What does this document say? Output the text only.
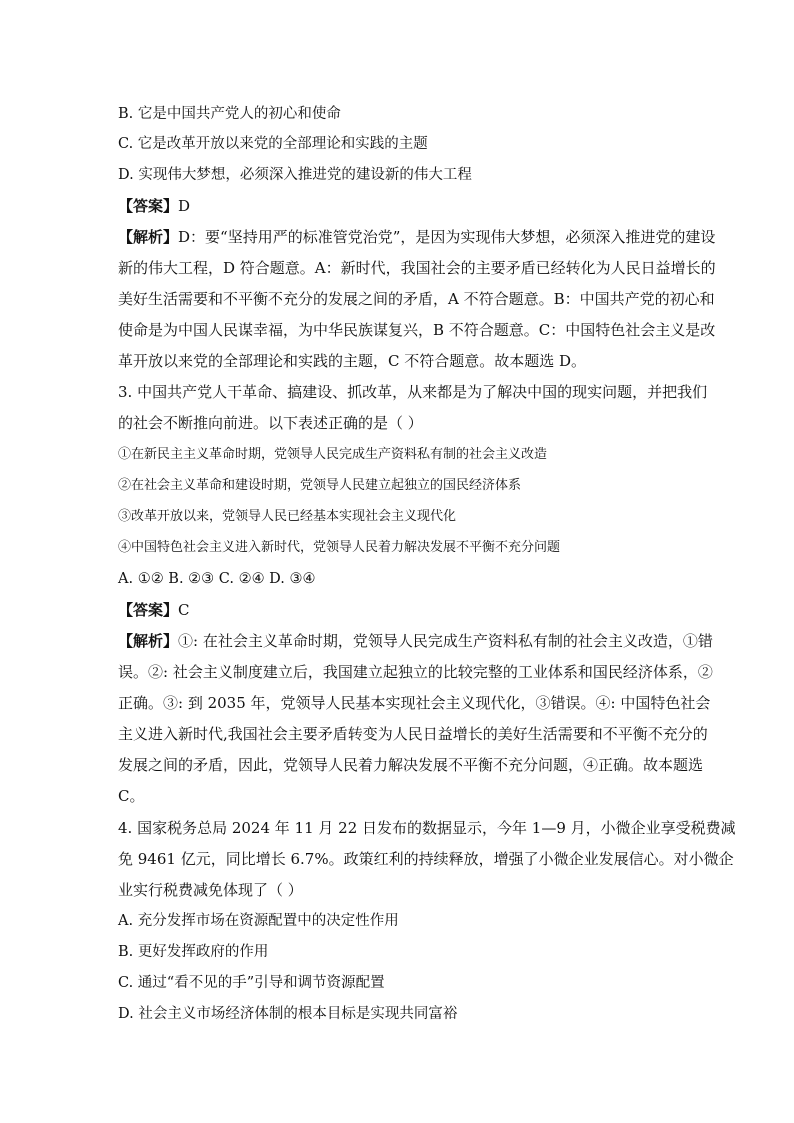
B. 它是中国共产党人的初心和使命
C. 它是改革开放以来党的全部理论和实践的主题
D. 实现伟大梦想，必须深入推进党的建设新的伟大工程
【答案】D
【解析】D：要“坚持用严的标准管党治党”，是因为实现伟大梦想，必须深入推进党的建设
新的伟大工程，D 符合题意。A：新时代，我国社会的主要矛盾已经转化为人民日益增长的
美好生活需要和不平衡不充分的发展之间的矛盾，A 不符合题意。B：中国共产党的初心和
使命是为中国人民谋幸福，为中华民族谋复兴，B 不符合题意。C：中国特色社会主义是改
革开放以来党的全部理论和实践的主题，C 不符合题意。故本题选 D。
3. 中国共产党人干革命、搞建设、抓改革，从来都是为了解决中国的现实问题，并把我们
的社会不断推向前进。以下表述正确的是（ ）
①在新民主主义革命时期，党领导人民完成生产资料私有制的社会主义改造
②在社会主义革命和建设时期，党领导人民建立起独立的国民经济体系
③改革开放以来，党领导人民已经基本实现社会主义现代化
④中国特色社会主义进入新时代，党领导人民着力解决发展不平衡不充分问题
A. ①② B. ②③ C. ②④ D. ③④
【答案】C
【解析】①: 在社会主义革命时期，党领导人民完成生产资料私有制的社会主义改造，①错
误。②: 社会主义制度建立后，我国建立起独立的比较完整的工业体系和国民经济体系，②
正确。③: 到 2035 年，党领导人民基本实现社会主义现代化，③错误。④: 中国特色社会
主义进入新时代,我国社会主要矛盾转变为人民日益增长的美好生活需要和不平衡不充分的
发展之间的矛盾，因此，党领导人民着力解决发展不平衡不充分问题，④正确。故本题选
C。
4. 国家税务总局 2024 年 11 月 22 日发布的数据显示，今年 1—9 月，小微企业享受税费减
免 9461 亿元，同比增长 6.7%。政策红利的持续释放，增强了小微企业发展信心。对小微企
业实行税费减免体现了（ ）
A. 充分发挥市场在资源配置中的决定性作用
B. 更好发挥政府的作用
C. 通过“看不见的手”引导和调节资源配置
D. 社会主义市场经济体制的根本目标是实现共同富裕
